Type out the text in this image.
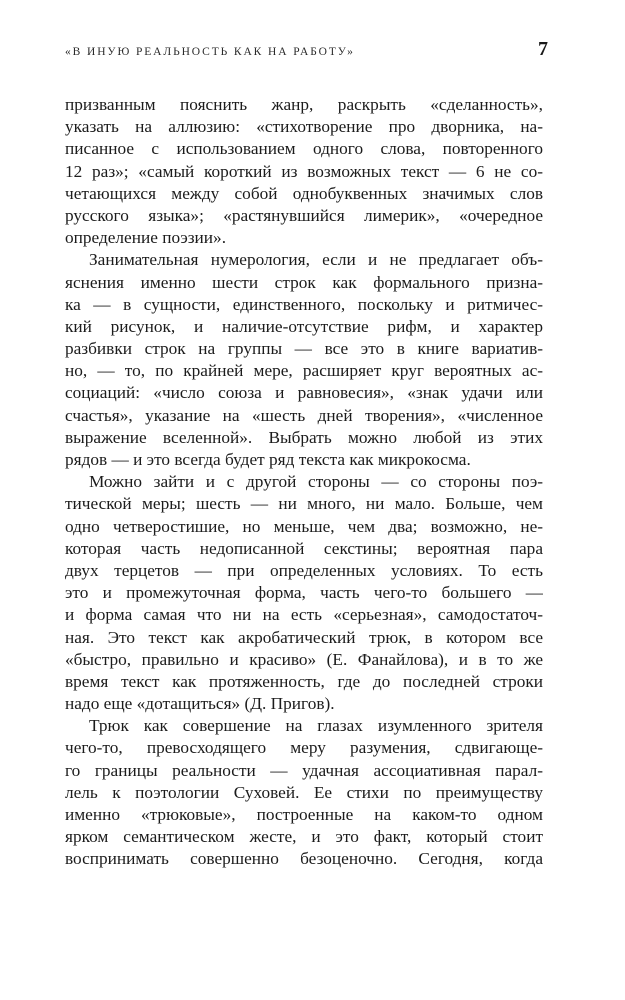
«В ИНУЮ РЕАЛЬНОСТЬ КАК НА РАБОТУ»	7
призванным пояснить жанр, раскрыть «сделанность»,
указать на аллюзию: «стихотворение про дворника, на-
писанное с использованием одного слова, повторенного
12 раз»; «самый короткий из возможных текст — 6 не со-
четающихся между собой однобуквенных значимых слов
русского языка»; «растянувшийся лимерик», «очередное
определение поэзии».
Занимательная нумерология, если и не предлагает объ-
яснения именно шести строк как формального призна-
ка — в сущности, единственного, поскольку и ритмичес-
кий рисунок, и наличие-отсутствие рифм, и характер
разбивки строк на группы — все это в книге вариатив-
но, — то, по крайней мере, расширяет круг вероятных ас-
социаций: «число союза и равновесия», «знак удачи или
счастья», указание на «шесть дней творения», «численное
выражение вселенной». Выбрать можно любой из этих
рядов — и это всегда будет ряд текста как микрокосма.
Можно зайти и с другой стороны — со стороны поэ-
тической меры; шесть — ни много, ни мало. Больше, чем
одно четверостишие, но меньше, чем два; возможно, не-
которая часть недописанной секстины; вероятная пара
двух терцетов — при определенных условиях. То есть
это и промежуточная форма, часть чего-то большего —
и форма самая что ни на есть «серьезная», самодостаточ-
ная. Это текст как акробатический трюк, в котором все
«быстро, правильно и красиво» (Е. Фанайлова), и в то же
время текст как протяженность, где до последней строки
надо еще «дотащиться» (Д. Пригов).
Трюк как совершение на глазах изумленного зрителя
чего-то, превосходящего меру разумения, сдвигающе-
го границы реальности — удачная ассоциативная парал-
лель к поэтологии Суховей. Ее стихи по преимуществу
именно «трюковые», построенные на каком-то одном
ярком семантическом жесте, и это факт, который стоит
воспринимать совершенно безоценочно. Сегодня, когда
